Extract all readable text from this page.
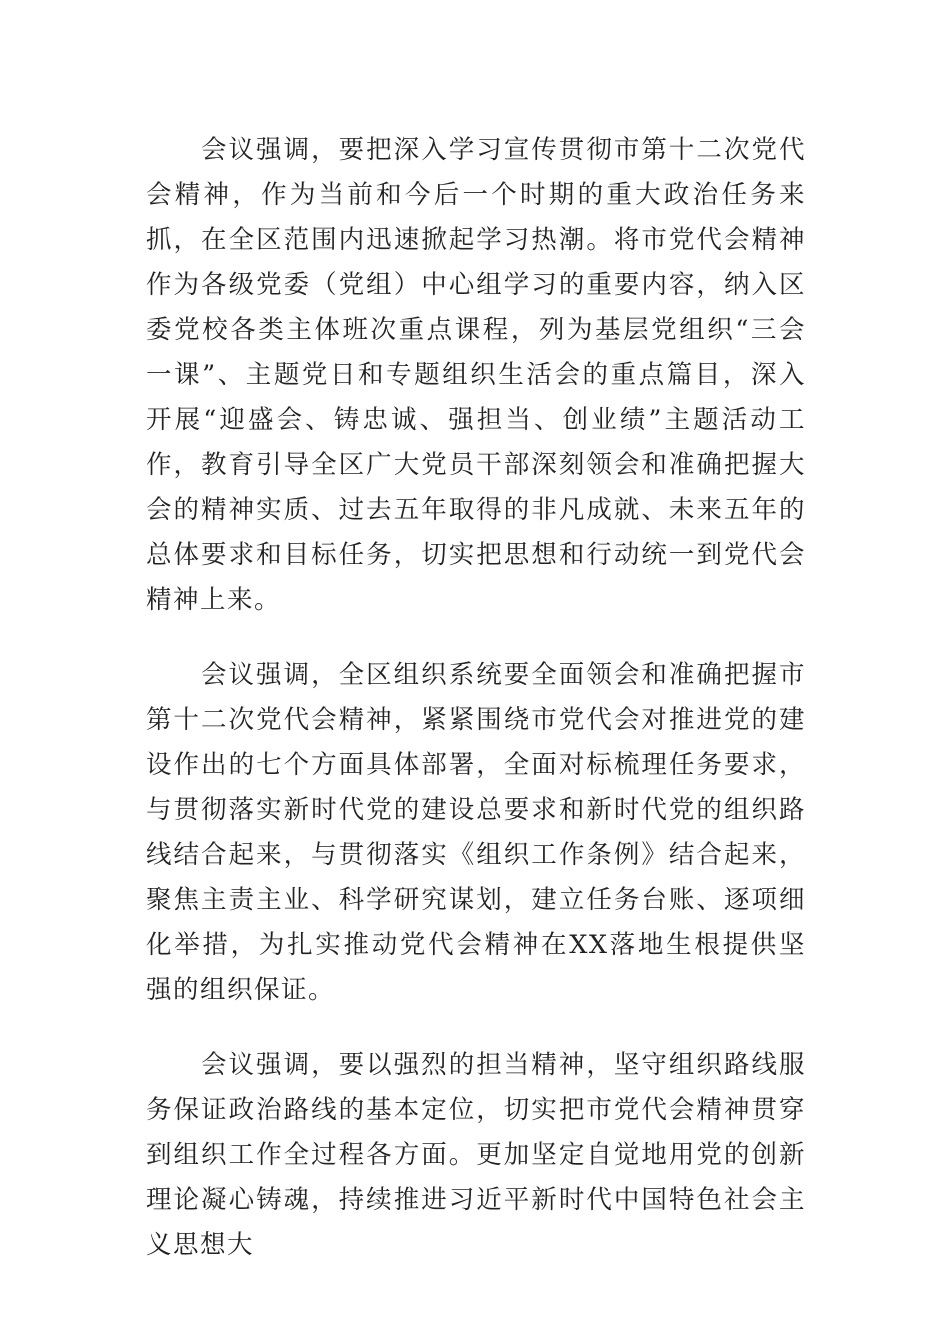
会议强调，要把深入学习宣传贯彻市第十二次党代会精神，作为当前和今后一个时期的重大政治任务来抓，在全区范围内迅速掀起学习热潮。将市党代会精神作为各级党委（党组）中心组学习的重要内容，纳入区委党校各类主体班次重点课程，列为基层党组织“三会一课”、主题党日和专题组织生活会的重点篇目，深入开展“迎盛会、铸忠诚、强担当、创业绩”主题活动工作，教育引导全区广大党员干部深刻领会和准确把握大会的精神实质、过去五年取得的非凡成就、未来五年的总体要求和目标任务，切实把思想和行动统一到党代会精神上来。

会议强调，全区组织系统要全面领会和准确把握市第十二次党代会精神，紧紧围绕市党代会对推进党的建设作出的七个方面具体部署，全面对标梳理任务要求，与贯彻落实新时代党的建设总要求和新时代党的组织路线结合起来，与贯彻落实《组织工作条例》结合起来，聚焦主责主业、科学研究谋划，建立任务台账、逐项细化举措，为扎实推动党代会精神在XX落地生根提供坚强的组织保证。

会议强调，要以强烈的担当精神，坚守组织路线服务保证政治路线的基本定位，切实把市党代会精神贯穿到组织工作全过程各方面。更加坚定自觉地用党的创新理论凝心铸魂，持续推进习近平新时代中国特色社会主义思想大
